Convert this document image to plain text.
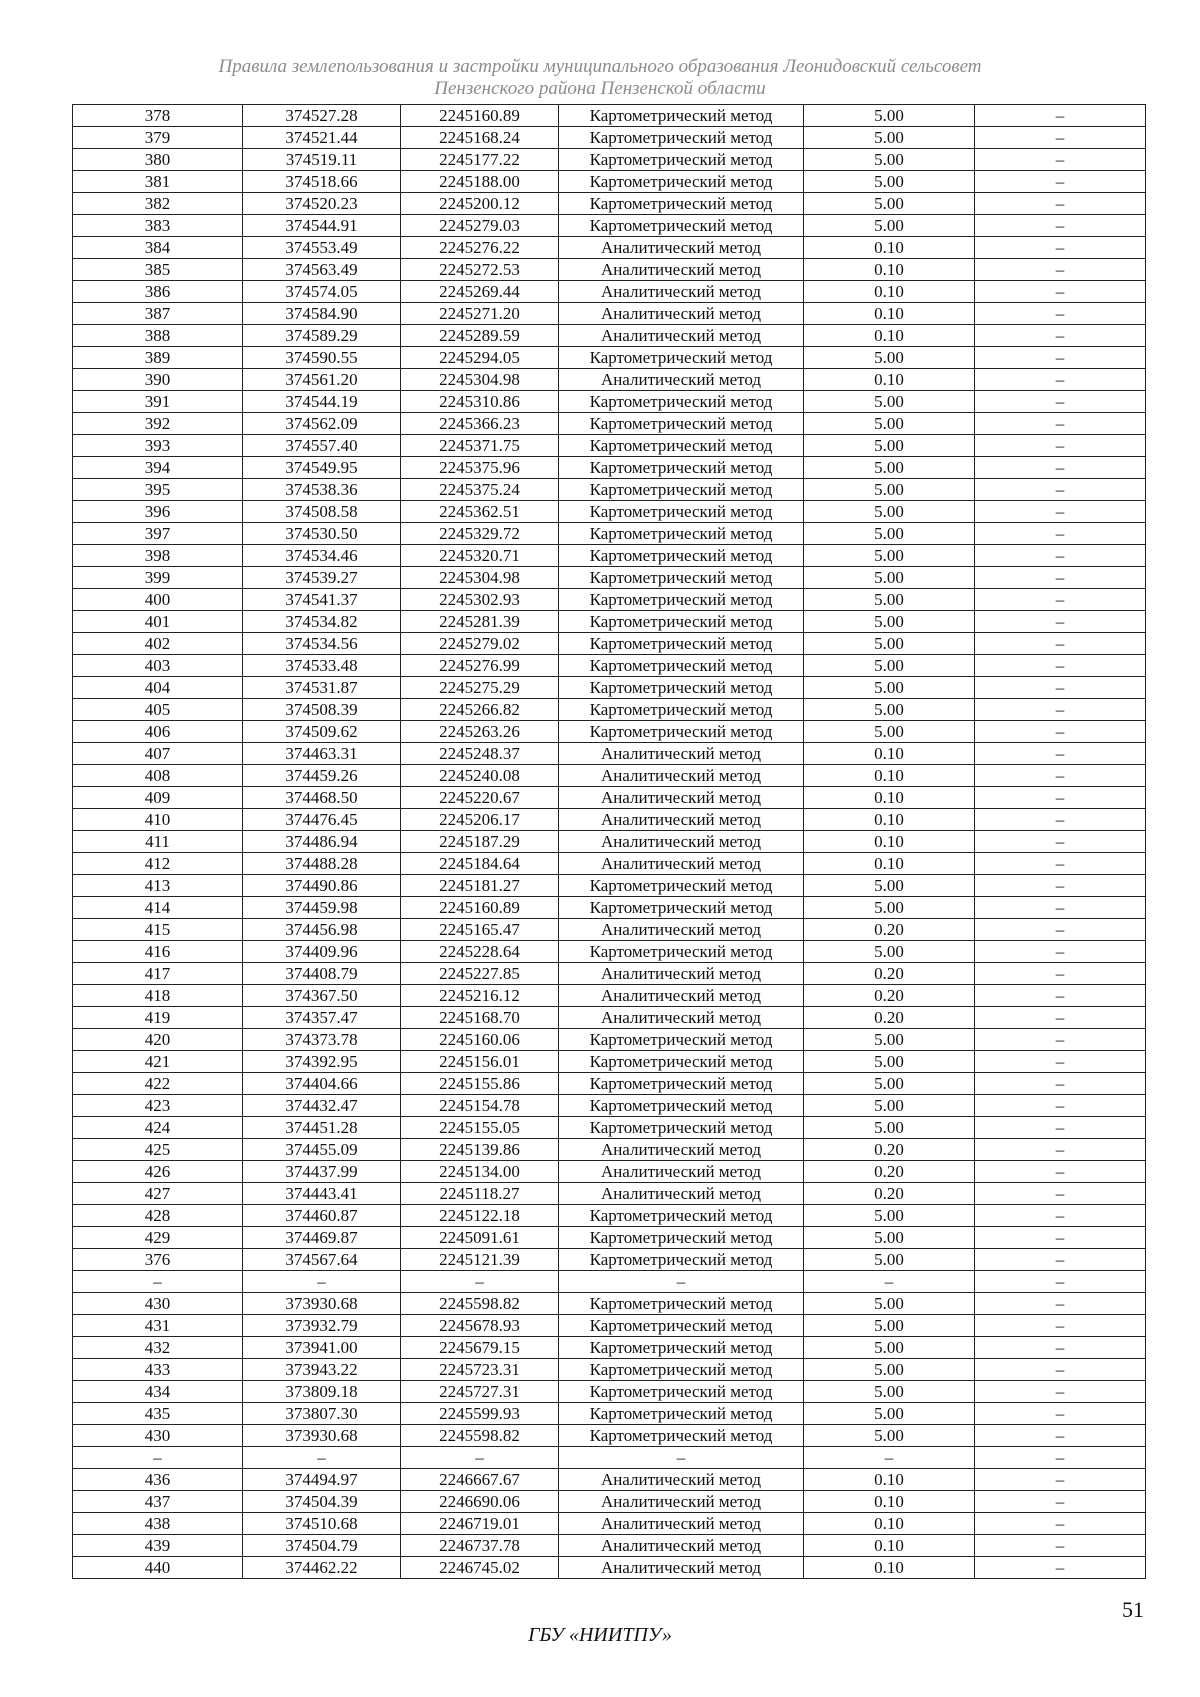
Правила землепользования и застройки муниципального образования Леонидовский сельсовет
Пензенского района Пензенской области
378	374527.28	2245160.89	Картометрический метод	5.00	–
379	374521.44	2245168.24	Картометрический метод	5.00	–
380	374519.11	2245177.22	Картометрический метод	5.00	–
381	374518.66	2245188.00	Картометрический метод	5.00	–
382	374520.23	2245200.12	Картометрический метод	5.00	–
383	374544.91	2245279.03	Картометрический метод	5.00	–
384	374553.49	2245276.22	Аналитический метод	0.10	–
385	374563.49	2245272.53	Аналитический метод	0.10	–
386	374574.05	2245269.44	Аналитический метод	0.10	–
387	374584.90	2245271.20	Аналитический метод	0.10	–
388	374589.29	2245289.59	Аналитический метод	0.10	–
389	374590.55	2245294.05	Картометрический метод	5.00	–
390	374561.20	2245304.98	Аналитический метод	0.10	–
391	374544.19	2245310.86	Картометрический метод	5.00	–
392	374562.09	2245366.23	Картометрический метод	5.00	–
393	374557.40	2245371.75	Картометрический метод	5.00	–
394	374549.95	2245375.96	Картометрический метод	5.00	–
395	374538.36	2245375.24	Картометрический метод	5.00	–
396	374508.58	2245362.51	Картометрический метод	5.00	–
397	374530.50	2245329.72	Картометрический метод	5.00	–
398	374534.46	2245320.71	Картометрический метод	5.00	–
399	374539.27	2245304.98	Картометрический метод	5.00	–
400	374541.37	2245302.93	Картометрический метод	5.00	–
401	374534.82	2245281.39	Картометрический метод	5.00	–
402	374534.56	2245279.02	Картометрический метод	5.00	–
403	374533.48	2245276.99	Картометрический метод	5.00	–
404	374531.87	2245275.29	Картометрический метод	5.00	–
405	374508.39	2245266.82	Картометрический метод	5.00	–
406	374509.62	2245263.26	Картометрический метод	5.00	–
407	374463.31	2245248.37	Аналитический метод	0.10	–
408	374459.26	2245240.08	Аналитический метод	0.10	–
409	374468.50	2245220.67	Аналитический метод	0.10	–
410	374476.45	2245206.17	Аналитический метод	0.10	–
411	374486.94	2245187.29	Аналитический метод	0.10	–
412	374488.28	2245184.64	Аналитический метод	0.10	–
413	374490.86	2245181.27	Картометрический метод	5.00	–
414	374459.98	2245160.89	Картометрический метод	5.00	–
415	374456.98	2245165.47	Аналитический метод	0.20	–
416	374409.96	2245228.64	Картометрический метод	5.00	–
417	374408.79	2245227.85	Аналитический метод	0.20	–
418	374367.50	2245216.12	Аналитический метод	0.20	–
419	374357.47	2245168.70	Аналитический метод	0.20	–
420	374373.78	2245160.06	Картометрический метод	5.00	–
421	374392.95	2245156.01	Картометрический метод	5.00	–
422	374404.66	2245155.86	Картометрический метод	5.00	–
423	374432.47	2245154.78	Картометрический метод	5.00	–
424	374451.28	2245155.05	Картометрический метод	5.00	–
425	374455.09	2245139.86	Аналитический метод	0.20	–
426	374437.99	2245134.00	Аналитический метод	0.20	–
427	374443.41	2245118.27	Аналитический метод	0.20	–
428	374460.87	2245122.18	Картометрический метод	5.00	–
429	374469.87	2245091.61	Картометрический метод	5.00	–
376	374567.64	2245121.39	Картометрический метод	5.00	–
–	–	–	–	–	–
430	373930.68	2245598.82	Картометрический метод	5.00	–
431	373932.79	2245678.93	Картометрический метод	5.00	–
432	373941.00	2245679.15	Картометрический метод	5.00	–
433	373943.22	2245723.31	Картометрический метод	5.00	–
434	373809.18	2245727.31	Картометрический метод	5.00	–
435	373807.30	2245599.93	Картометрический метод	5.00	–
430	373930.68	2245598.82	Картометрический метод	5.00	–
–	–	–	–	–	–
436	374494.97	2246667.67	Аналитический метод	0.10	–
437	374504.39	2246690.06	Аналитический метод	0.10	–
438	374510.68	2246719.01	Аналитический метод	0.10	–
439	374504.79	2246737.78	Аналитический метод	0.10	–
440	374462.22	2246745.02	Аналитический метод	0.10	–
51
ГБУ «НИИТПУ»
